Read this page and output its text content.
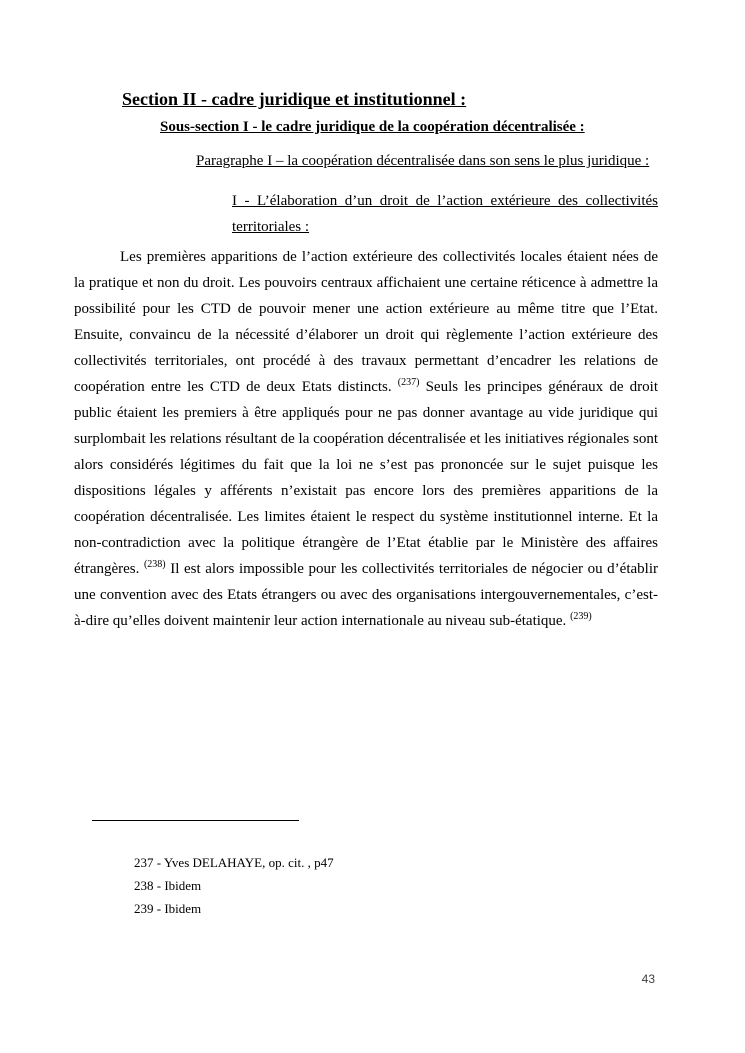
Section II - cadre juridique et institutionnel :
Sous-section I - le cadre juridique de la coopération décentralisée :
Paragraphe I – la coopération décentralisée dans son sens le plus juridique :
I - L’élaboration d’un droit de l’action extérieure des collectivités territoriales :

Les premières apparitions de l’action extérieure des collectivités locales étaient nées de la pratique et non du droit. Les pouvoirs centraux affichaient une certaine réticence à admettre la possibilité pour les CTD de pouvoir mener une action extérieure au même titre que l’Etat. Ensuite, convaincu de la nécessité d’élaborer un droit qui règlemente l’action extérieure des collectivités territoriales, ont procédé à des travaux permettant d’encadrer les relations de coopération entre les CTD de deux Etats distincts. $^{(237)}$ Seuls les principes généraux de droit public étaient les premiers à être appliqués pour ne pas donner avantage au vide juridique qui surplombait les relations résultant de la coopération décentralisée et les initiatives régionales sont alors considérés légitimes du fait que la loi ne s’est pas prononcée sur le sujet puisque les dispositions légales y afférents n’existait pas encore lors des premières apparitions de la coopération décentralisée. Les limites étaient le respect du système institutionnel interne. Et la non-contradiction avec la politique étrangère de l’Etat établie par le Ministère des affaires étrangères. $^{(238)}$ Il est alors impossible pour les collectivités territoriales de négocier ou d’établir une convention avec des Etats étrangers ou avec des organisations intergouvernementales, c’est-à-dire qu’elles doivent maintenir leur action internationale au niveau sub-étatique. $^{(239)}$

237 - Yves DELAHAYE, op. cit. , p47
238 - Ibidem
239 - Ibidem
43
